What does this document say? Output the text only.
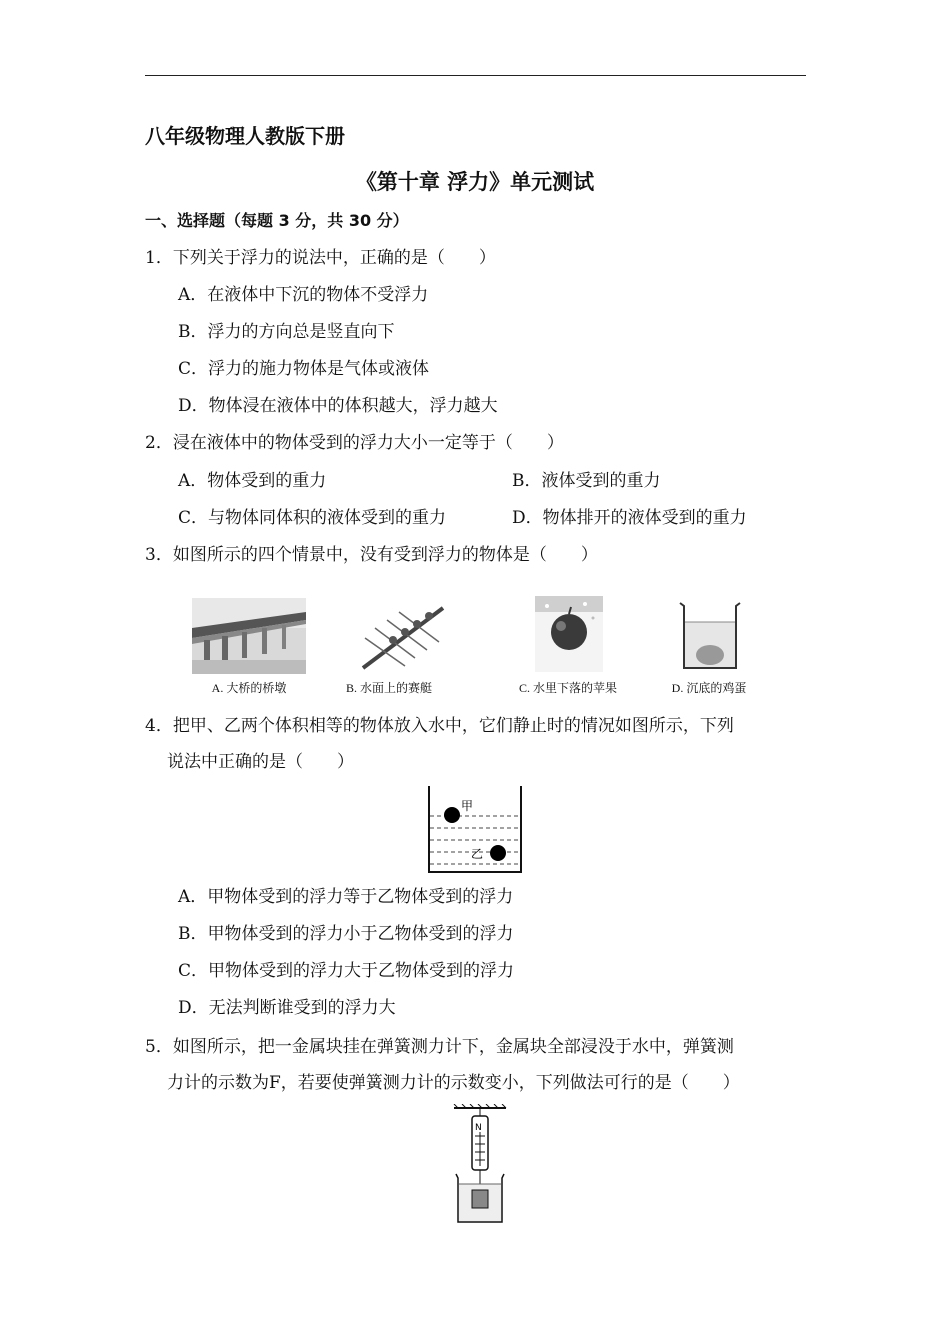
八年级物理人教版下册
《第十章 浮力》单元测试
一、选择题（每题 3 分，共 30 分）
1．下列关于浮力的说法中，正确的是（　　）
A．在液体中下沉的物体不受浮力
B．浮力的方向总是竖直向下
C．浮力的施力物体是气体或液体
D．物体浸在液体中的体积越大，浮力越大
2．浸在液体中的物体受到的浮力大小一定等于（　　）
A．物体受到的重力	B．液体受到的重力
C．与物体同体积的液体受到的重力	D．物体排开的液体受到的重力
3．如图所示的四个情景中，没有受到浮力的物体是（　　）
A. 大桥的桥墩	B. 水面上的赛艇	C. 水里下落的苹果	D. 沉底的鸡蛋
4．把甲、乙两个体积相等的物体放入水中，它们静止时的情况如图所示，下列
说法中正确的是（　　）
甲
乙
A．甲物体受到的浮力等于乙物体受到的浮力
B．甲物体受到的浮力小于乙物体受到的浮力
C．甲物体受到的浮力大于乙物体受到的浮力
D．无法判断谁受到的浮力大
5．如图所示，把一金属块挂在弹簧测力计下，金属块全部浸没于水中，弹簧测
力计的示数为F，若要使弹簧测力计的示数变小，下列做法可行的是（　　）
N
